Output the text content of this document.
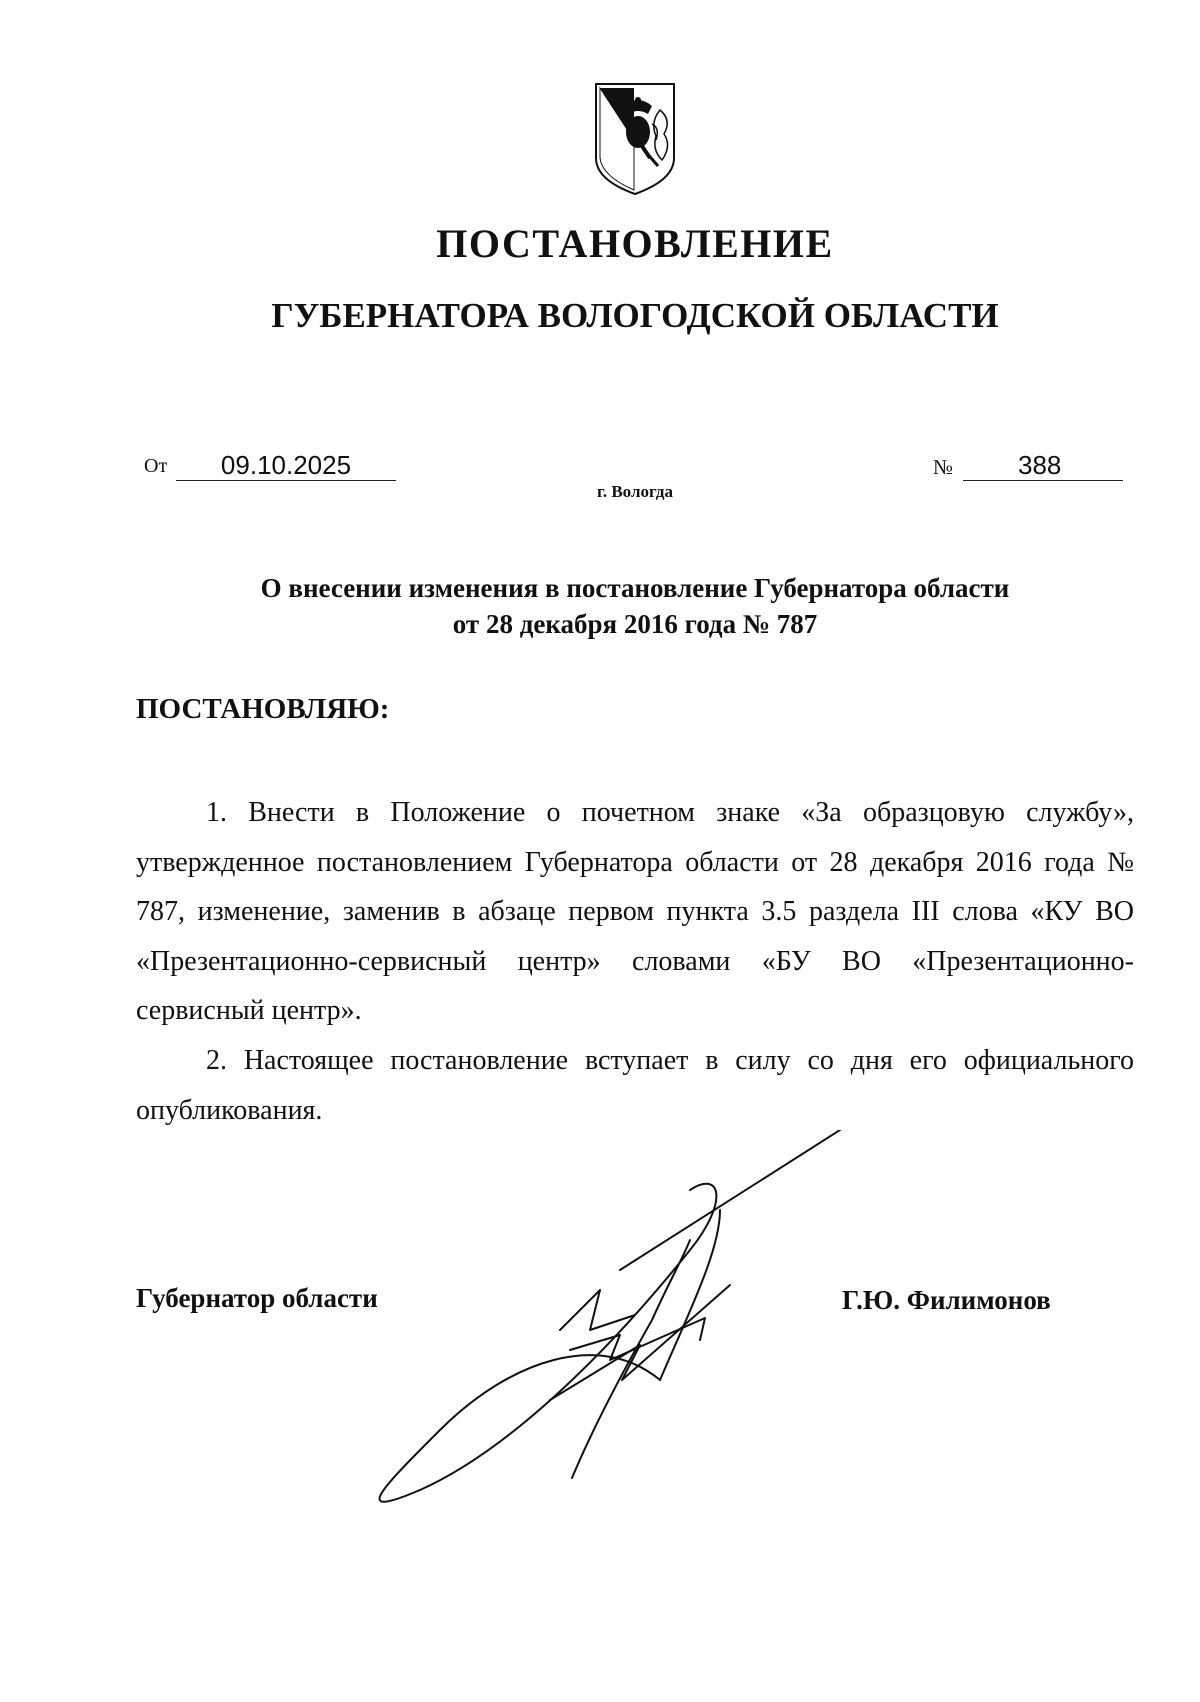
ПОСТАНОВЛЕНИЕ
ГУБЕРНАТОРА ВОЛОГОДСКОЙ ОБЛАСТИ
От	09.10.2025	№	388
г. Вологда
О внесении изменения в постановление Губернатора области
от 28 декабря 2016 года № 787
ПОСТАНОВЛЯЮ:

1. Внести в Положение о почетном знаке «За образцовую службу», утвержденное постановлением Губернатора области от 28 декабря 2016 года № 787, изменение, заменив в абзаце первом пункта 3.5 раздела III слова «КУ ВО «Презентационно-сервисный центр» словами «БУ ВО «Презентационно-сервисный центр».

2. Настоящее постановление вступает в силу со дня его официального опубликования.

Губернатор области	Г.Ю. Филимонов
